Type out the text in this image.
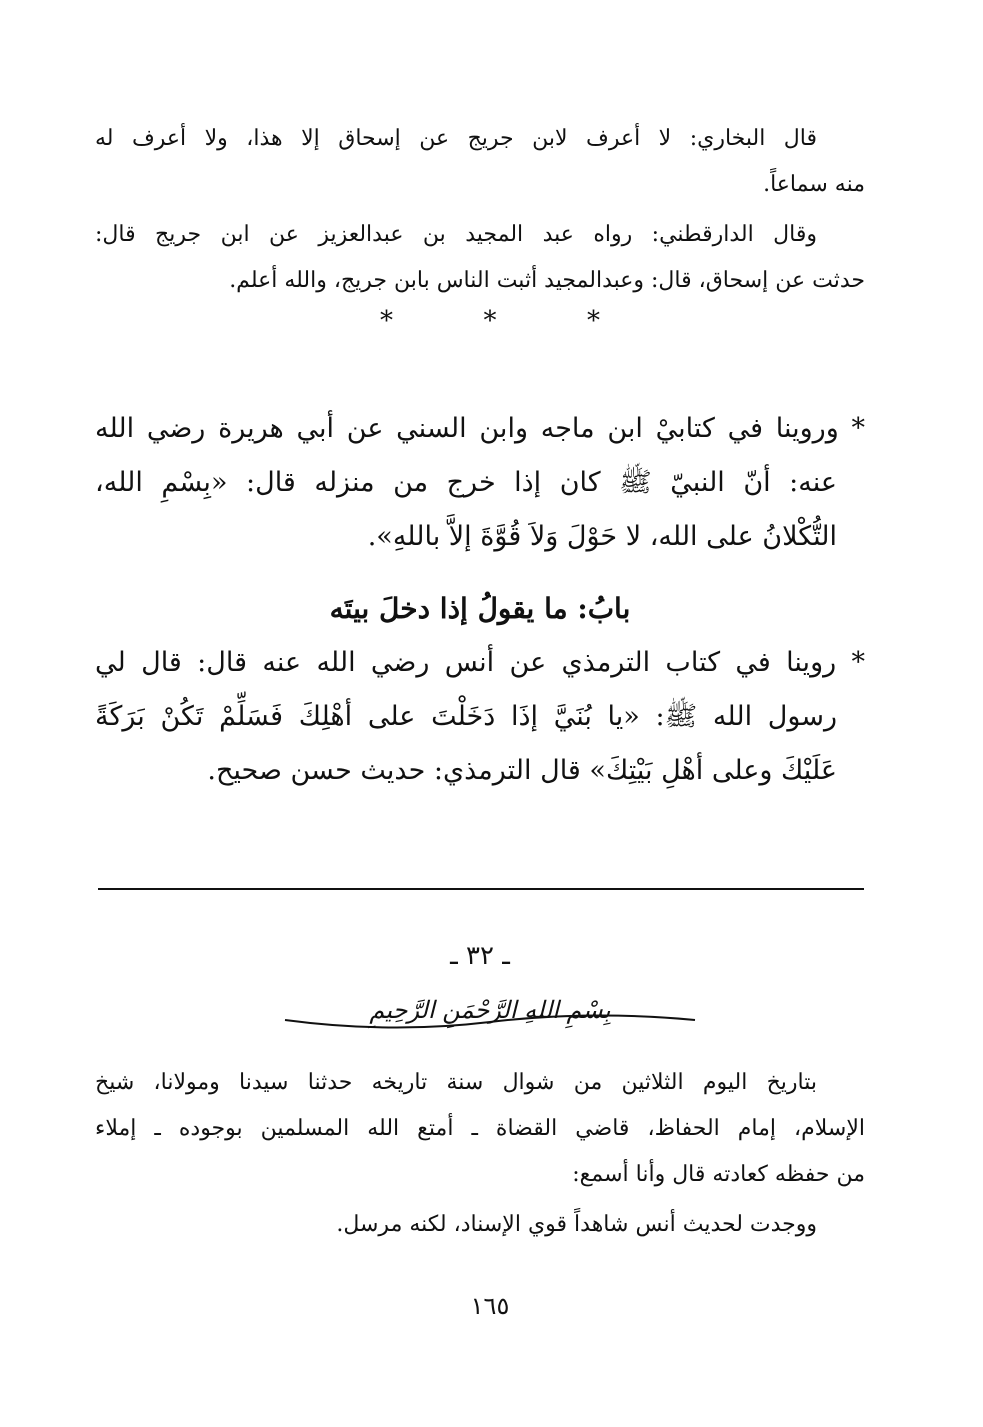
قال البخاري: لا أعرف لابن جريج عن إسحاق إلا هذا، ولا أعرف له
منه سماعاً.
وقال الدارقطني: رواه عبد المجيد بن عبدالعزيز عن ابن جريج قال:
حدثت عن إسحاق، قال: وعبدالمجيد أثبت الناس بابن جريج، والله أعلم.
*	*	*
* وروينا في كتابيْ ابن ماجه وابن السني عن أبي هريرة رضي الله
عنه: أنّ النبيّ ﷺ كان إذا خرج من منزله قال: «بِسْمِ الله،
التُّكْلانُ على الله، لا حَوْلَ وَلاَ قُوَّةَ إلاَّ باللهِ».
بابُ: ما يقولُ إذا دخلَ بيتَه
* روينا في كتاب الترمذي عن أنس رضي الله عنه قال: قال لي
رسول الله ﷺ: «يا بُنَيَّ إذَا دَخَلْتَ على أهْلِكَ فَسَلِّمْ تَكُنْ بَرَكَةً
عَلَيْكَ وعلى أهْلِ بَيْتِكَ» قال الترمذي: حديث حسن صحيح.
ـ ٣٢ ـ
بِسْمِ اللهِ الرَّحْمَنِ الرَّحِيمِ
بتاريخ اليوم الثلاثين من شوال سنة تاريخه حدثنا سيدنا ومولانا، شيخ
الإسلام، إمام الحفاظ، قاضي القضاة ـ أمتع الله المسلمين بوجوده ـ إملاء
من حفظه كعادته قال وأنا أسمع:
ووجدت لحديث أنس شاهداً قوي الإسناد، لكنه مرسل.
١٦٥
